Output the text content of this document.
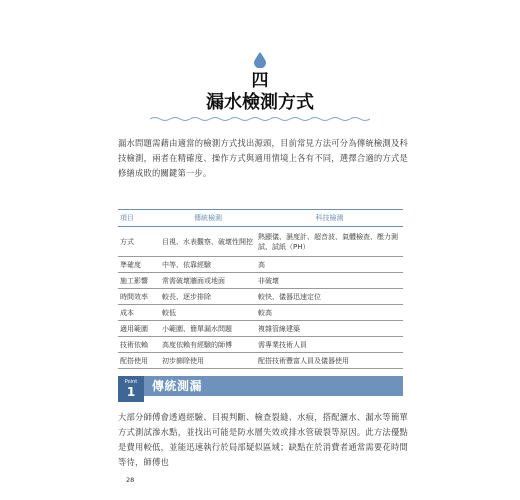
四
漏水檢測方式
漏水問題需藉由適當的檢測方式找出源頭，目前常見方法可分為傳統檢測及科技檢測，兩者在精確度、操作方式與適用情境上各有不同，選擇合適的方式是修繕成敗的關鍵第一步。
項目	傳統檢測	科技檢測
方式	目視、水表觀察、破壞性開挖	熱顯儀、濕度計、超音波、氣體檢查、壓力測試、試紙（PH）
準確度	中等、依靠經驗	高
施工影響	常需破壞牆面或地面	非破壞
時間效率	較長、逐步排除	較快、儀器迅速定位
成本	較低	較高
適用範圍	小範圍、簡單漏水問題	複雜管線建築
技術依賴	高度依賴有經驗的師傅	需專業技術人員
配搭使用	初步篩除使用	配搭技術豐富人員及儀器使用
Point
1	傳統測漏
大部分師傅會透過經驗、目視判斷、檢查裂縫、水痕，搭配灑水、漏水等簡單方式測試滲水點，並找出可能是防水層失效或排水管破裂等原因。此方法優點是費用較低，並能迅速執行於局部疑似區域；缺點在於消費者通常需要花時間等待，師傅也
28
